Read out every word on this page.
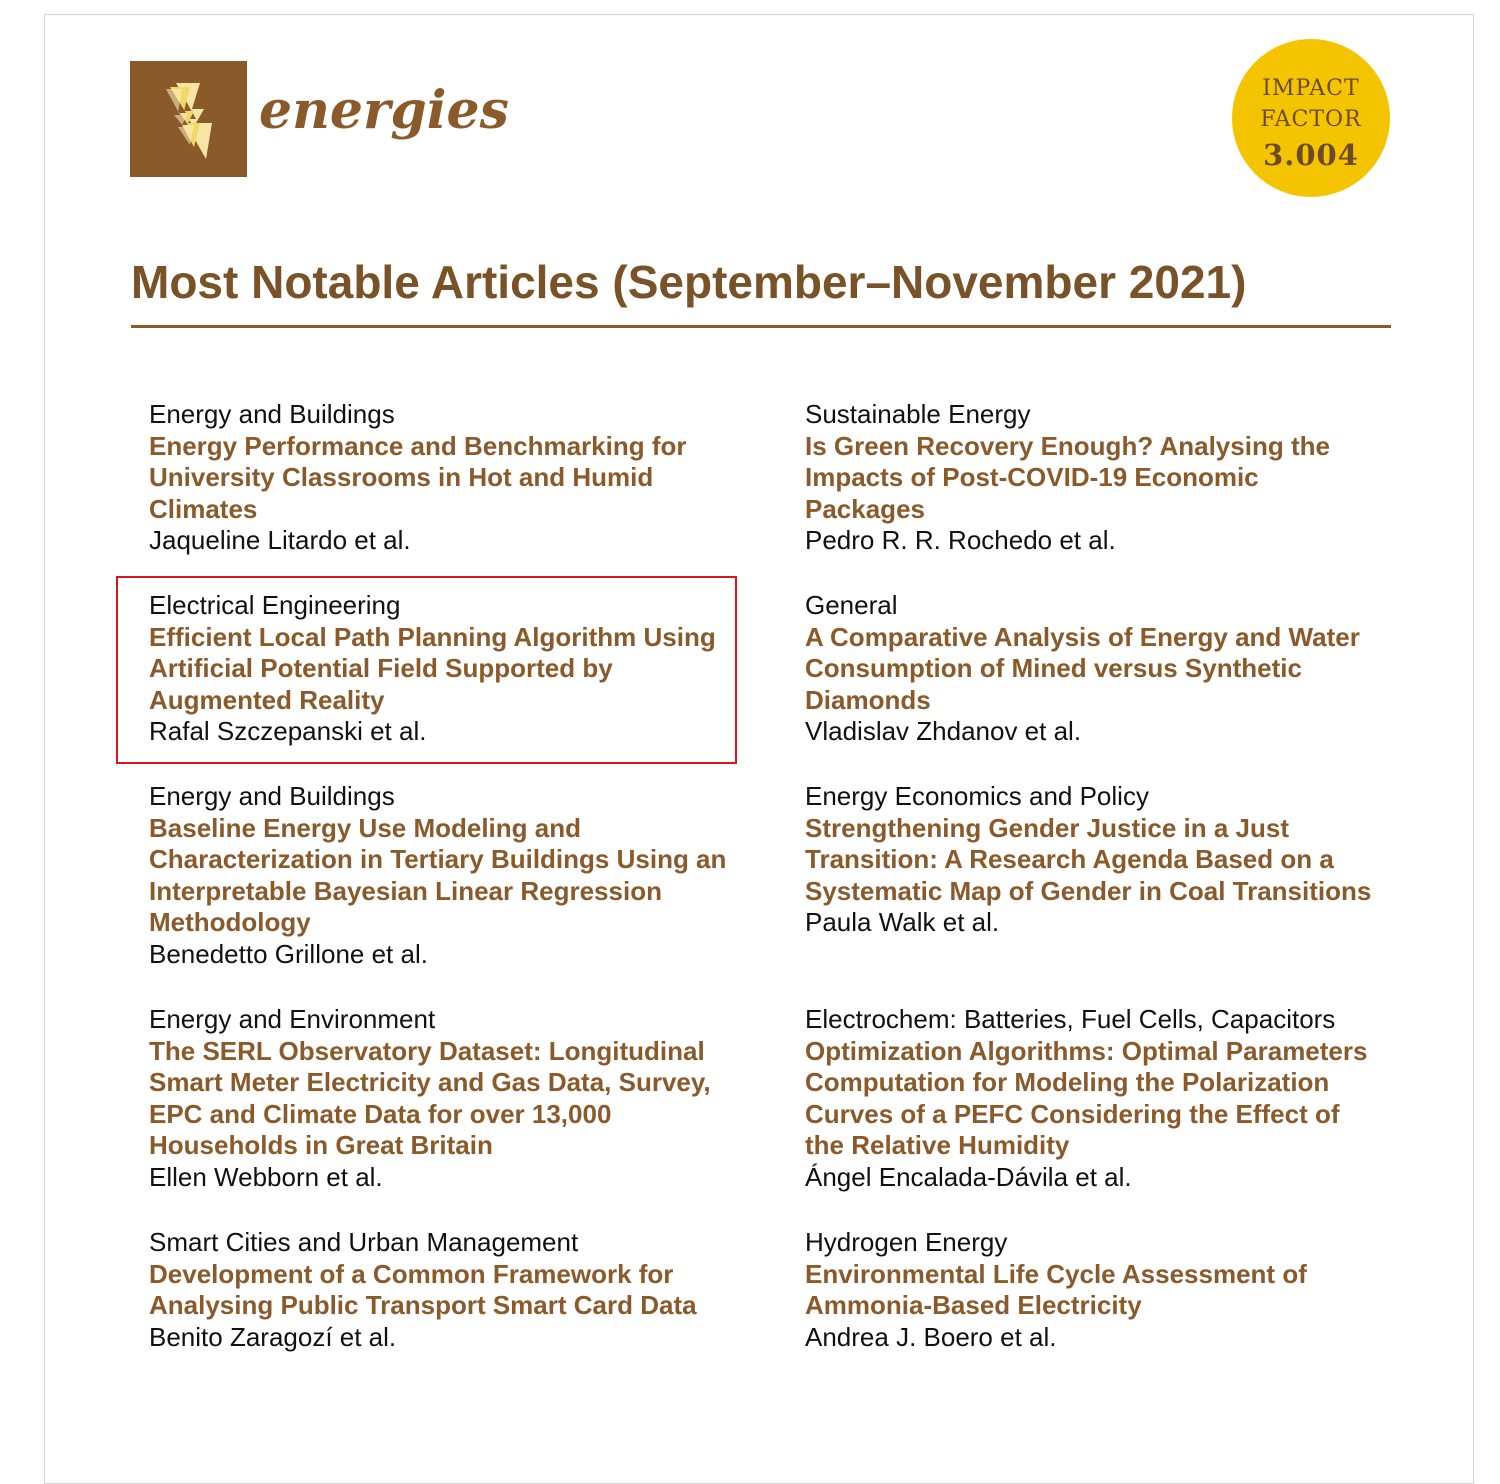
energies	IMPACT
FACTOR
3.004
Most Notable Articles (September–November 2021)
Energy and Buildings
Energy Performance and Benchmarking for University Classrooms in Hot and Humid Climates
Jaqueline Litardo et al.
Sustainable Energy
Is Green Recovery Enough? Analysing the Impacts of Post-COVID-19 Economic Packages
Pedro R. R. Rochedo et al.
Electrical Engineering
Efficient Local Path Planning Algorithm Using Artificial Potential Field Supported by Augmented Reality
Rafal Szczepanski et al.
General
A Comparative Analysis of Energy and Water Consumption of Mined versus Synthetic Diamonds
Vladislav Zhdanov et al.
Energy and Buildings
Baseline Energy Use Modeling and Characterization in Tertiary Buildings Using an Interpretable Bayesian Linear Regression Methodology
Benedetto Grillone et al.
Energy Economics and Policy
Strengthening Gender Justice in a Just Transition: A Research Agenda Based on a Systematic Map of Gender in Coal Transitions
Paula Walk et al.
Energy and Environment
The SERL Observatory Dataset: Longitudinal Smart Meter Electricity and Gas Data, Survey, EPC and Climate Data for over 13,000 Households in Great Britain
Ellen Webborn et al.
Electrochem: Batteries, Fuel Cells, Capacitors
Optimization Algorithms: Optimal Parameters Computation for Modeling the Polarization Curves of a PEFC Considering the Effect of the Relative Humidity
Ángel Encalada-Dávila et al.
Smart Cities and Urban Management
Development of a Common Framework for Analysing Public Transport Smart Card Data
Benito Zaragozí et al.
Hydrogen Energy
Environmental Life Cycle Assessment of Ammonia-Based Electricity
Andrea J. Boero et al.
